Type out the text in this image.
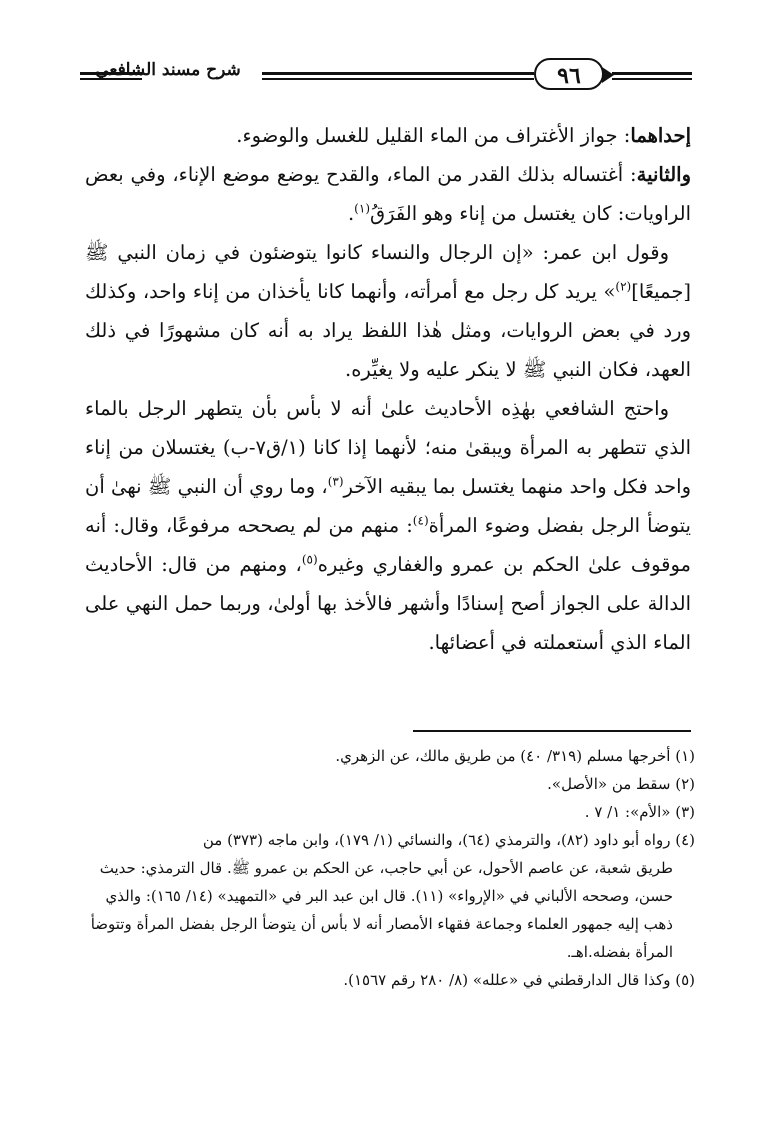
شرح مسند الشافعي	٩٦

إحداهما: جواز الأغتراف من الماء القليل للغسل والوضوء.

والثانية: أغتساله بذلك القدر من الماء، والقدح يوضع موضع الإناء، وفي بعض الراويات: كان يغتسل من إناء وهو الفَرَقُ$^{(١)}$.

وقول ابن عمر: «إن الرجال والنساء كانوا يتوضئون في زمان النبي ﷺ [جميعًا]$^{(٢)}$» يريد كل رجل مع أمرأته، وأنهما كانا يأخذان من إناء واحد، وكذلك ورد في بعض الروايات، ومثل هٰذا اللفظ يراد به أنه كان مشهورًا في ذلك العهد، فكان النبي ﷺ لا ينكر عليه ولا يغيِّره.

واحتج الشافعي بهٰذِه الأحاديث علىٰ أنه لا بأس بأن يتطهر الرجل بالماء الذي تتطهر به المرأة ويبقىٰ منه؛ لأنهما إذا كانا (١/ق٧-ب) يغتسلان من إناء واحد فكل واحد منهما يغتسل بما يبقيه الآخر$^{(٣)}$، وما روي أن النبي ﷺ نهىٰ أن يتوضأ الرجل بفضل وضوء المرأة$^{(٤)}$: منهم من لم يصححه مرفوعًا، وقال: أنه موقوف علىٰ الحكم بن عمرو والغفاري وغيره$^{(٥)}$، ومنهم من قال: الأحاديث الدالة على الجواز أصح إسنادًا وأشهر فالأخذ بها أولىٰ، وربما حمل النهي على الماء الذي أستعملته في أعضائها.

(١) أخرجها مسلم (٣١٩/ ٤٠) من طريق مالك، عن الزهري.

(٢) سقط من «الأصل».

(٣) «الأم»: ١/ ٧ .

(٤) رواه أبو داود (٨٢)، والترمذي (٦٤)، والنسائي (١/ ١٧٩)، وابن ماجه (٣٧٣) من
طريق شعبة، عن عاصم الأحول، عن أبي حاجب، عن الحكم بن عمرو ﷺ. قال الترمذي: حديث حسن، وصححه الألباني في «الإرواء» (١١). قال ابن عبد البر في «التمهيد» (١٤/ ١٦٥): والذي ذهب إليه جمهور العلماء وجماعة فقهاء الأمصار أنه لا بأس أن يتوضأ الرجل بفضل المرأة وتتوضأ المرأة بفضله.اهـ.

(٥) وكذا قال الدارقطني في «علله» (٨/ ٢٨٠ رقم ١٥٦٧).
